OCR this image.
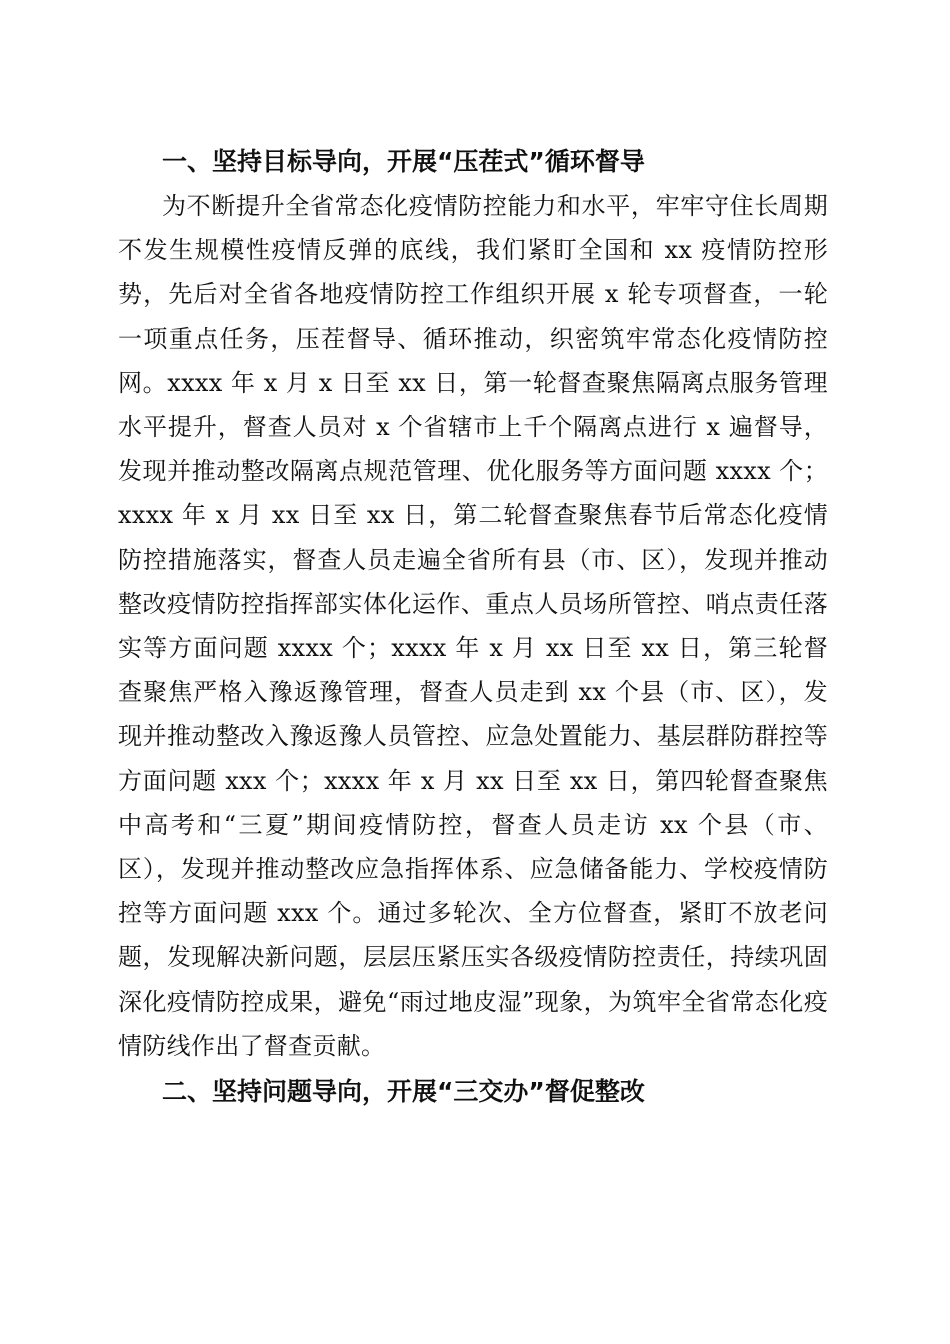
一、坚持目标导向，开展“压茬式”循环督导

为不断提升全省常态化疫情防控能力和水平，牢牢守住长周期不发生规模性疫情反弹的底线，我们紧盯全国和 xx 疫情防控形势，先后对全省各地疫情防控工作组织开展 x 轮专项督查，一轮一项重点任务，压茬督导、循环推动，织密筑牢常态化疫情防控网。xxxx 年 x 月 x 日至 xx 日，第一轮督查聚焦隔离点服务管理水平提升，督查人员对 x 个省辖市上千个隔离点进行 x 遍督导，发现并推动整改隔离点规范管理、优化服务等方面问题 xxxx 个；xxxx 年 x 月 xx 日至 xx 日，第二轮督查聚焦春节后常态化疫情防控措施落实，督查人员走遍全省所有县（市、区），发现并推动整改疫情防控指挥部实体化运作、重点人员场所管控、哨点责任落实等方面问题 xxxx 个；xxxx 年 x 月 xx 日至 xx 日，第三轮督查聚焦严格入豫返豫管理，督查人员走到 xx 个县（市、区），发现并推动整改入豫返豫人员管控、应急处置能力、基层群防群控等方面问题 xxx 个；xxxx 年 x 月 xx 日至 xx 日，第四轮督查聚焦中高考和“三夏”期间疫情防控，督查人员走访 xx 个县（市、区），发现并推动整改应急指挥体系、应急储备能力、学校疫情防控等方面问题 xxx 个。通过多轮次、全方位督查，紧盯不放老问题，发现解决新问题，层层压紧压实各级疫情防控责任，持续巩固深化疫情防控成果，避免“雨过地皮湿”现象，为筑牢全省常态化疫情防线作出了督查贡献。

二、坚持问题导向，开展“三交办”督促整改
